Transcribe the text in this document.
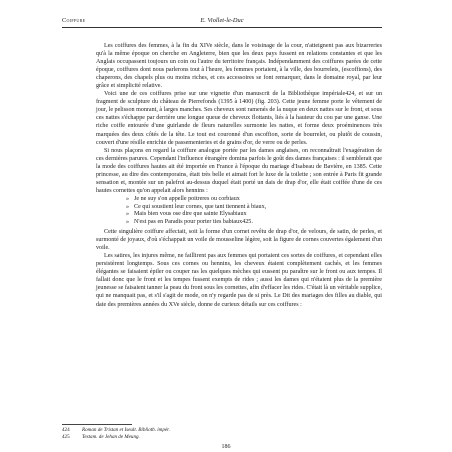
Coiffure	E. Viollet-le-Duc

Les coiffures des femmes, à la fin du XIVe siècle, dans le voisinage de la cour, n'atteignent pas aux bizarreries qu'à la même époque on cherche en Angleterre, bien que les deux pays fussent en relations constantes et que les Anglais occupassent toujours un coin ou l'autre du territoire français. Indépendamment des coiffures parées de cette époque, coiffures dont nous parlerons tout à l'heure, les femmes portaient, à la ville, des bourrelets, (escoffions), des chaperons, des chapels plus ou moins riches, et ces accessoires se font remarquer, dans le domaine royal, par leur grâce et simplicité relative.

Voici une de ces coiffures prise sur une vignette d'un manuscrit de la Bibliothèque impériale424, et sur un fragment de sculpture du château de Pierrefonds (1395 à 1400) (fig. 203). Cette jeune femme porte le vêtement de jour, le pelisson monrant, à larges manches. Ses cheveux sont ramenés de la nuque en deux nattes sur le front, et sous ces nattes s'échappe par derrière une longue queue de cheveux flottants, liés à la hauteur du cou par une ganse. Une riche coiffe entourée d'une guirlande de fleurs naturelles surmonte les nattes, et forme deux proéminences très marquées des deux côtés de la tête. Le tout est couronné d'un escoffion, sorte de bourrelet, ou plutôt de coussin, couvert d'une résille enrichie de passementeries et de grains d'or, de verre ou de perles.

Si nous plaçons en regard la coiffure analogue portée par les dames anglaises, on reconnaîtrait l'exagération de ces dernières parures. Cependant l'influence étrangère domina parfois le goût des dames françaises : il semblerait que la mode des coiffures hautes ait été importée en France à l'époque du mariage d'Isabeau de Bavière, en 1385. Cette princesse, au dire des contemporains, était très belle et aimait fort le luxe de la toilette ; son entrée à Paris fit grande sensation et, montée sur un palefroi au-dessus duquel était porté un dais de drap d'or, elle était coiffée d'une de ces hautes cornettes qu'on appelait alors hennins :

» Je ne suy s'on appelle poitreres ou corbiaux
» Ce qui soustient leur cornes, que tant tiennent à biaux,
» Mais bien vous ose dire que sainte Elysabiaux
» N'est pas en Paradis pour porter ties babiaux425.

Cette singulière coiffure affectait, soit la forme d'un cornet revêtu de drap d'or, de velours, de satin, de perles, et surmonté de joyaux, d'où s'échappait un voile de mousseline légère, soit la figure de cornes couvertes également d'un voile.

Les satires, les injures même, ne faillirent pas aux femmes qui portaient ces sortes de coiffures, et cependant elles persistèrent longtemps. Sous ces cornes ou hennins, les cheveux étaient complètement cachés, et les femmes élégantes se faisaient épiler ou couper ras les quelques mèches qui eussent pu paraître sur le front ou aux tempes. Il fallait donc que le front et les tempes fussent exempts de rides ; aussi les dames qui n'étaient plus de la première jeunesse se faisaient tanner la peau du front sous les cornettes, afin d'effacer les rides. C'était là un véritable supplice, qui ne manquait pas, et s'il s'agit de mode, on n'y regarde pas de si près. Le Dit des mariages des filles au diable, qui date des premières années du XVe siècle, donne de curieux détails sur ces coiffures :

424 Roman de Tristan et Iseult. Biblioth. impér.
425 Testam. de Jehan de Meung.
186
